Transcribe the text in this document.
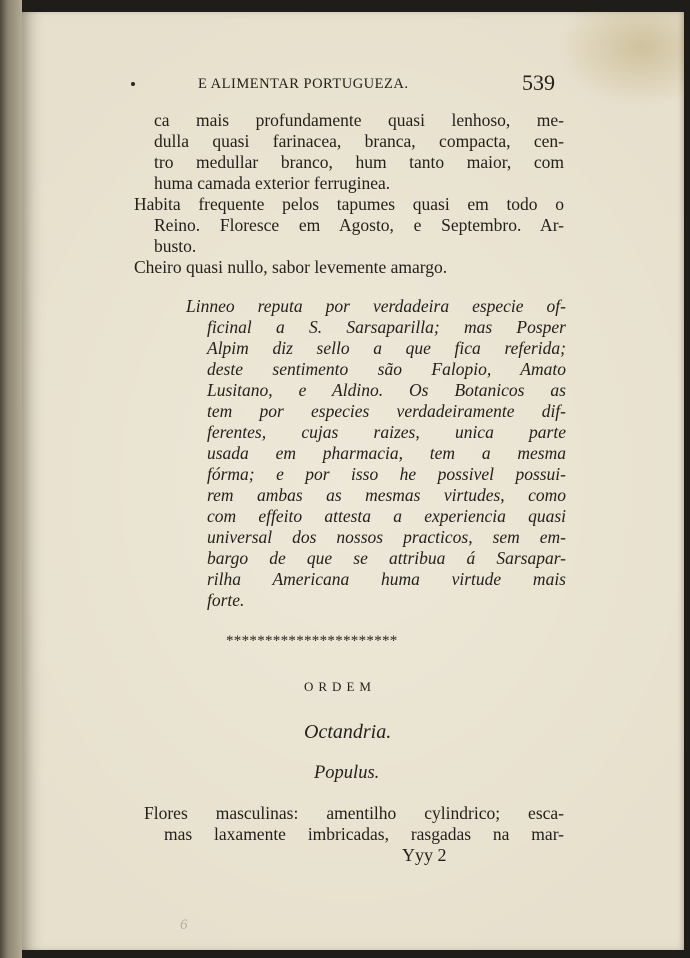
E ALIMENTAR PORTUGUEZA.	539
ca mais profundamente quasi lenhoso, me-
dulla quasi farinacea, branca, compacta, cen-
tro medullar branco, hum tanto maior, com
huma camada exterior ferruginea.
Habita frequente pelos tapumes quasi em todo o
Reino. Floresce em Agosto, e Septembro. Ar-
busto.
Cheiro quasi nullo, sabor levemente amargo.
Linneo reputa por verdadeira especie of-
ficinal a S. Sarsaparilla; mas Posper
Alpim diz sello a que fica referida;
deste sentimento são Falopio, Amato
Lusitano, e Aldino. Os Botanicos as
tem por especies verdadeiramente dif-
ferentes, cujas raizes, unica parte
usada em pharmacia, tem a mesma
fórma; e por isso he possivel possui-
rem ambas as mesmas virtudes, como
com effeito attesta a experiencia quasi
universal dos nossos practicos, sem em-
bargo de que se attribua á Sarsapar-
rilha Americana huma virtude mais
forte.
**********************
ORDEM
Octandria.
Populus.
Flores masculinas: amentilho cylindrico; esca-
mas laxamente imbricadas, rasgadas na mar-
Yyy 2
6
